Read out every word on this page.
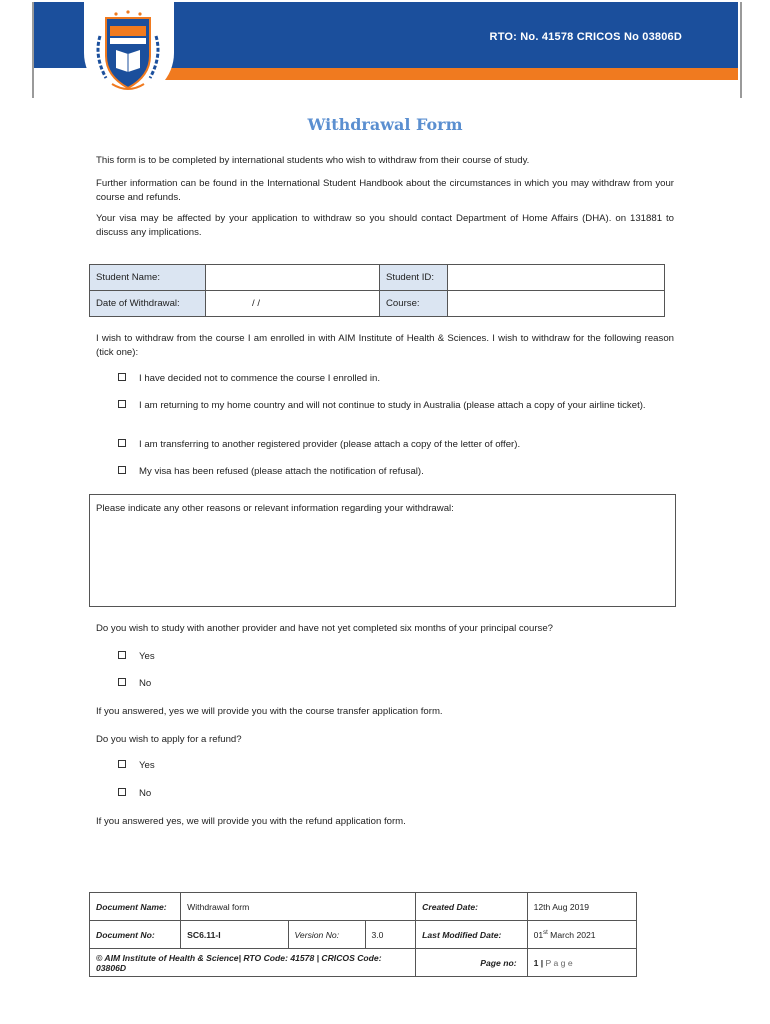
RTO: No. 41578 CRICOS No 03806D
Withdrawal Form
This form is to be completed by international students who wish to withdraw from their course of study.
Further information can be found in the International Student Handbook about the circumstances in which you may withdraw from your course and refunds.
Your visa may be affected by your application to withdraw so you should contact Department of Home Affairs (DHA). on 131881 to discuss any implications.
Student Name:		Student ID:	
Date of Withdrawal:	/ /	Course:	
I wish to withdraw from the course I am enrolled in with AIM Institute of Health & Sciences. I wish to withdraw for the following reason (tick one):
I have decided not to commence the course I enrolled in.
I am returning to my home country and will not continue to study in Australia (please attach a copy of your airline ticket).
I am transferring to another registered provider (please attach a copy of the letter of offer).
My visa has been refused (please attach the notification of refusal).
Please indicate any other reasons or relevant information regarding your withdrawal:
Do you wish to study with another provider and have not yet completed six months of your principal course?
Yes
No
If you answered, yes we will provide you with the course transfer application form.
Do you wish to apply for a refund?
Yes
No
If you answered yes, we will provide you with the refund application form.
Document Name:	Withdrawal form			Created Date:	12th Aug 2019
Document No:	SC6.11-I	Version No:	3.0	Last Modified Date:	01st March 2021
© AIM Institute of Health & Science| RTO Code: 41578 | CRICOS Code: 03806D				Page no:	1 | P a g e
